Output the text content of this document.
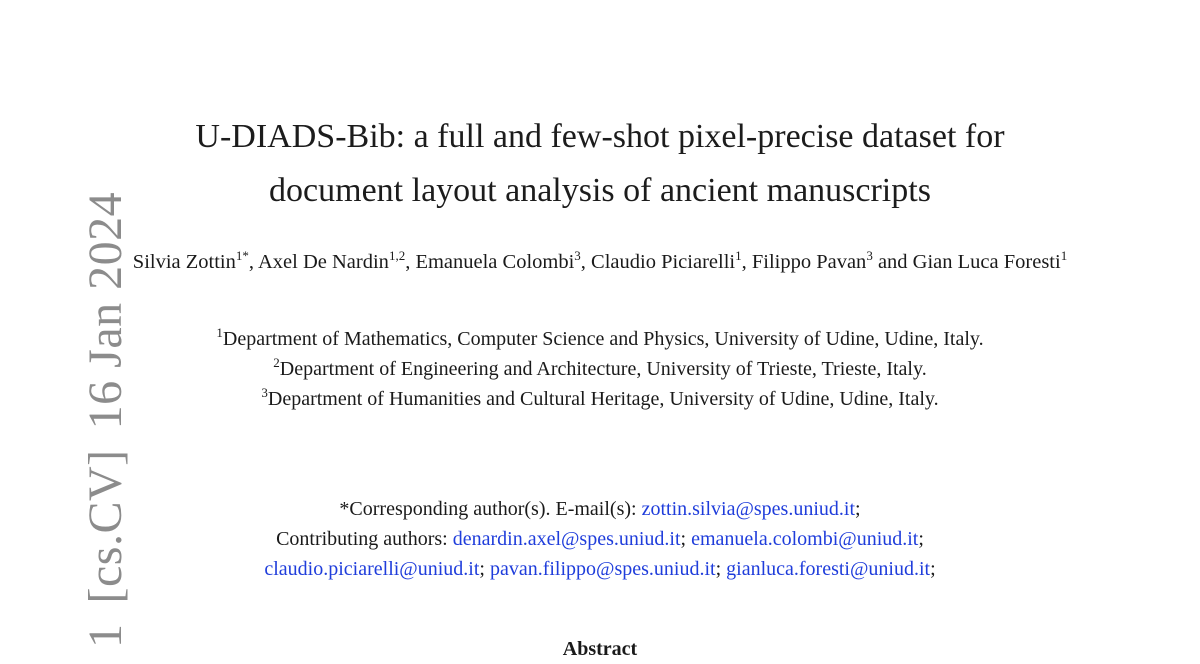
1[cs.CV]16 Jan 2024
U-DIADS-Bib: a full and few-shot pixel-precise dataset for
document layout analysis of ancient manuscripts
Silvia Zottin$^{1*}$, Axel De Nardin$^{1,2}$, Emanuela Colombi$^3$, Claudio Piciarelli$^1$, Filippo Pavan$^3$ and Gian Luca Foresti$^1$
$^1$Department of Mathematics, Computer Science and Physics, University of Udine, Udine, Italy.
$^2$Department of Engineering and Architecture, University of Trieste, Trieste, Italy.
$^3$Department of Humanities and Cultural Heritage, University of Udine, Udine, Italy.
*Corresponding author(s). E-mail(s): zottin.silvia@spes.uniud.it;
Contributing authors: denardin.axel@spes.uniud.it; emanuela.colombi@uniud.it;
claudio.piciarelli@uniud.it; pavan.filippo@spes.uniud.it; gianluca.foresti@uniud.it;
Abstract
